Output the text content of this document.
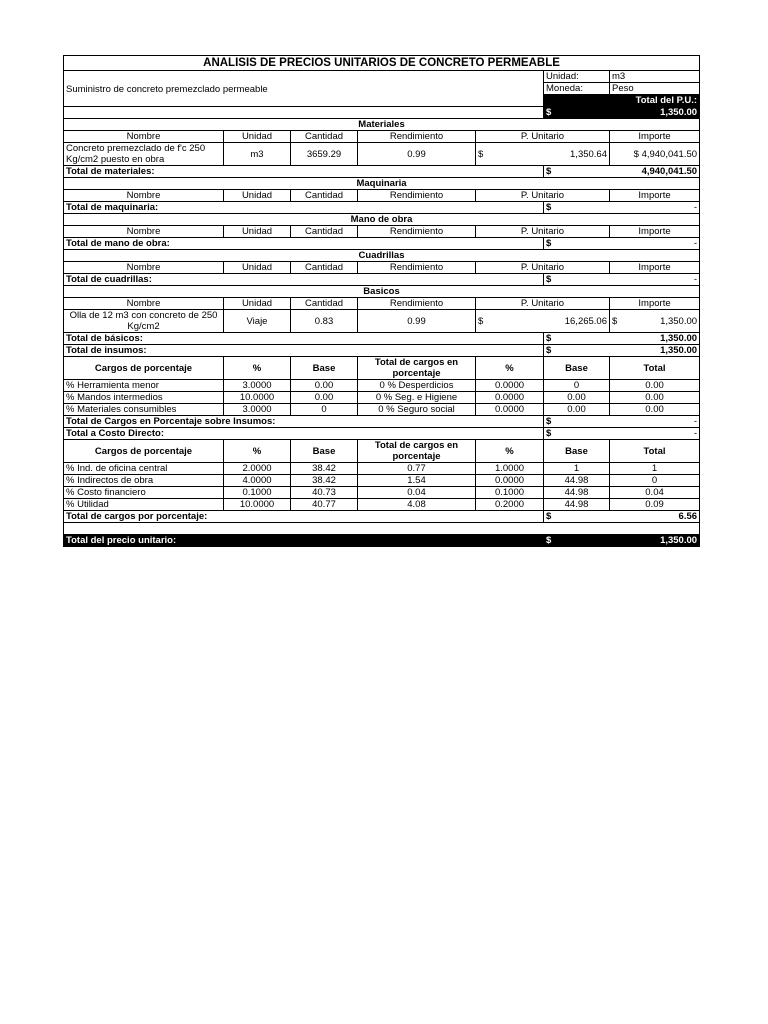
ANALISIS DE PRECIOS UNITARIOS DE CONCRETO PERMEABLE						
Suministro de concreto premezclado permeable					Unidad:	m3
					Moneda:	Peso
					Total del P.U.:	

					$ 1,350.00	

Materiales						
Nombre	Unidad	Cantidad	Rendimiento	P. Unitario		Importe
Concreto premezclado de f'c 250 Kg/cm2 puesto en obra	m3	3659.29	0.99	$ 1,350.64		$ 4,940,041.50
Total de materiales:					$ 4,940,041.50	

Maquinaria						
Nombre	Unidad	Cantidad	Rendimiento	P. Unitario		Importe
Total de maquinaria:					$ -	

Mano de obra						
Nombre	Unidad	Cantidad	Rendimiento	P. Unitario		Importe
Total de mano de obra:					$ -	

Cuadrillas						
Nombre	Unidad	Cantidad	Rendimiento	P. Unitario		Importe
Total de cuadrillas:					$ -	

Basicos						
Nombre	Unidad	Cantidad	Rendimiento	P. Unitario		Importe
Olla de 12 m3 con concreto de 250 Kg/cm2	Viaje	0.83	0.99	$ 16,265.06		$ 1,350.00

Total de básicos:					$ 1,350.00	

Total de insumos:					$ 1,350.00	

Cargos de porcentaje	%	Base	Total de cargos en porcentaje	%	Base	Total
% Herramienta menor	3.0000	0.00	0 % Desperdicios	0.0000	0	0.00
% Mandos intermedios	10.0000	0.00	0 % Seg. e Higiene	0.0000	0.00	0.00
% Materiales consumibles	3.0000	0	0 % Seguro social	0.0000	0.00	0.00
Total de Cargos en Porcentaje sobre Insumos:					$ -	

Total a Costo Directo:					$ -	

Cargos de porcentaje	%	Base	Total de cargos en porcentaje	%	Base	Total
% Ind. de oficina central	2.0000	38.42	0.77	1.0000	1	1
% Indirectos de obra	4.0000	38.42	1.54	0.0000	44.98	0
% Costo financiero	0.1000	40.73	0.04	0.1000	44.98	0.04
% Utilidad	10.0000	40.77	4.08	0.2000	44.98	0.09
Total de cargos por porcentaje:					$ 6.56	

Total del precio unitario:					$ 1,350.00	
